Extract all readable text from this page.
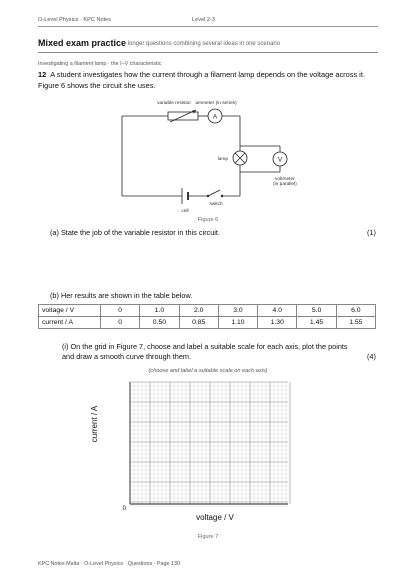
O-Level Physics · KPC Notes	Level 2-3
Mixed exam practice
· longer questions combining several ideas in one scenario
Investigating a filament lamp · the I–V characteristic
12 A student investigates how the current through a filament lamp depends on the voltage across it. Figure 6 shows the circuit she uses.
variable resistor
A
ammeter (in series)
lamp	V
voltmeter
(in parallel)
cell
switch
Figure 6
(a) State the job of the variable resistor in this circuit.	(1)
(b) Her results are shown in the table below.
voltage / V	0	1.0	2.0	3.0	4.0	5.0	6.0
current / A	0	0.50	0.85	1.10	1.30	1.45	1.55
(i) On the grid in Figure 7, choose and label a suitable scale for each axis, plot the points and draw a smooth curve through them.	(4)
(choose and label a suitable scale on each axis)
current / A
0
voltage / V
Figure 7
KPC Notes Malta · O-Level Physics · Questions · Page 130
